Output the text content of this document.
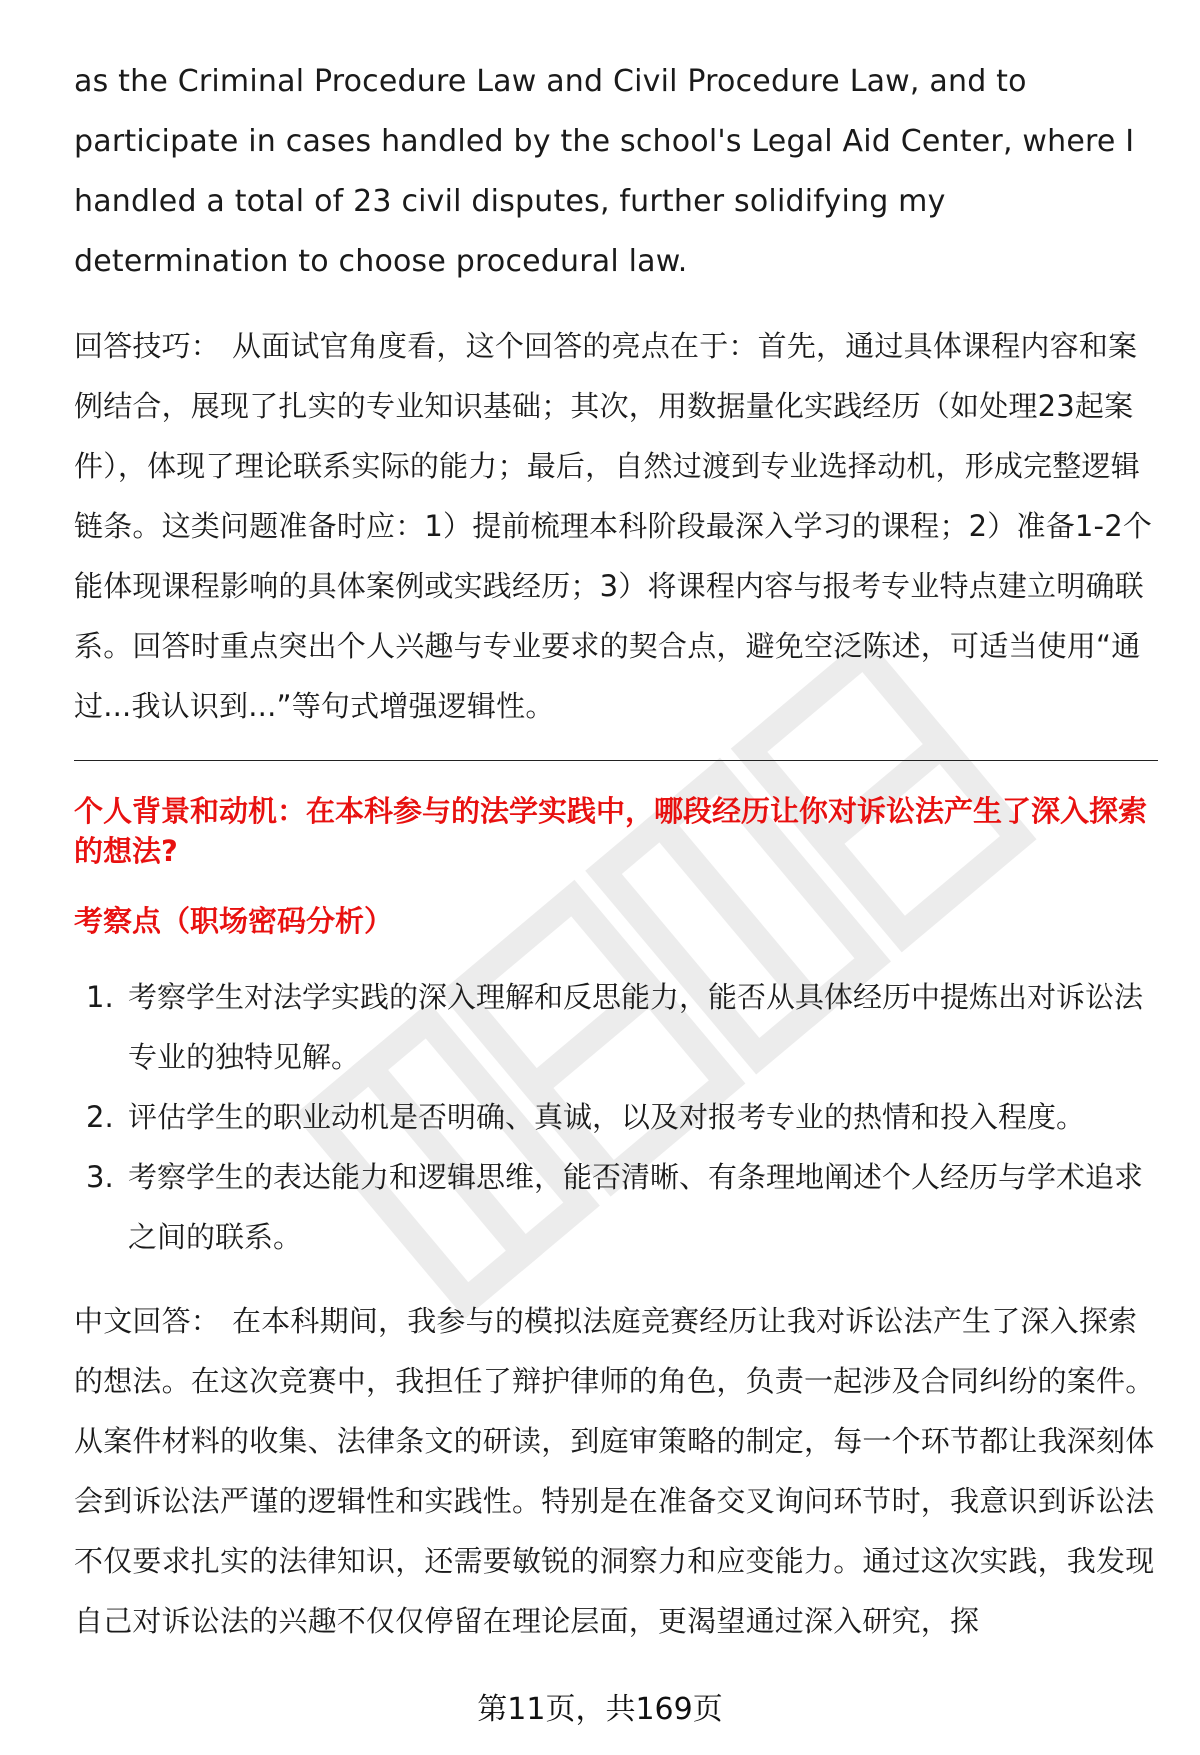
as the Criminal Procedure Law and Civil Procedure Law, and to participate in cases handled by the school's Legal Aid Center, where I handled a total of 23 civil disputes, further solidifying my determination to choose procedural law.

回答技巧： 从面试官角度看，这个回答的亮点在于：首先，通过具体课程内容和案例结合，展现了扎实的专业知识基础；其次，用数据量化实践经历（如处理23起案件），体现了理论联系实际的能力；最后，自然过渡到专业选择动机，形成完整逻辑链条。这类问题准备时应：1）提前梳理本科阶段最深入学习的课程；2）准备1-2个能体现课程影响的具体案例或实践经历；3）将课程内容与报考专业特点建立明确联系。回答时重点突出个人兴趣与专业要求的契合点，避免空泛陈述，可适当使用“通过...我认识到...”等句式增强逻辑性。

个人背景和动机：在本科参与的法学实践中，哪段经历让你对诉讼法产生了深入探索的想法?

考察点（职场密码分析）

1. 考察学生对法学实践的深入理解和反思能力，能否从具体经历中提炼出对诉讼法专业的独特见解。
2. 评估学生的职业动机是否明确、真诚，以及对报考专业的热情和投入程度。
3. 考察学生的表达能力和逻辑思维，能否清晰、有条理地阐述个人经历与学术追求之间的联系。

中文回答： 在本科期间，我参与的模拟法庭竞赛经历让我对诉讼法产生了深入探索的想法。在这次竞赛中，我担任了辩护律师的角色，负责一起涉及合同纠纷的案件。从案件材料的收集、法律条文的研读，到庭审策略的制定，每一个环节都让我深刻体会到诉讼法严谨的逻辑性和实践性。特别是在准备交叉询问环节时，我意识到诉讼法不仅要求扎实的法律知识，还需要敏锐的洞察力和应变能力。通过这次实践，我发现自己对诉讼法的兴趣不仅仅停留在理论层面，更渴望通过深入研究，探

第11页，共169页
